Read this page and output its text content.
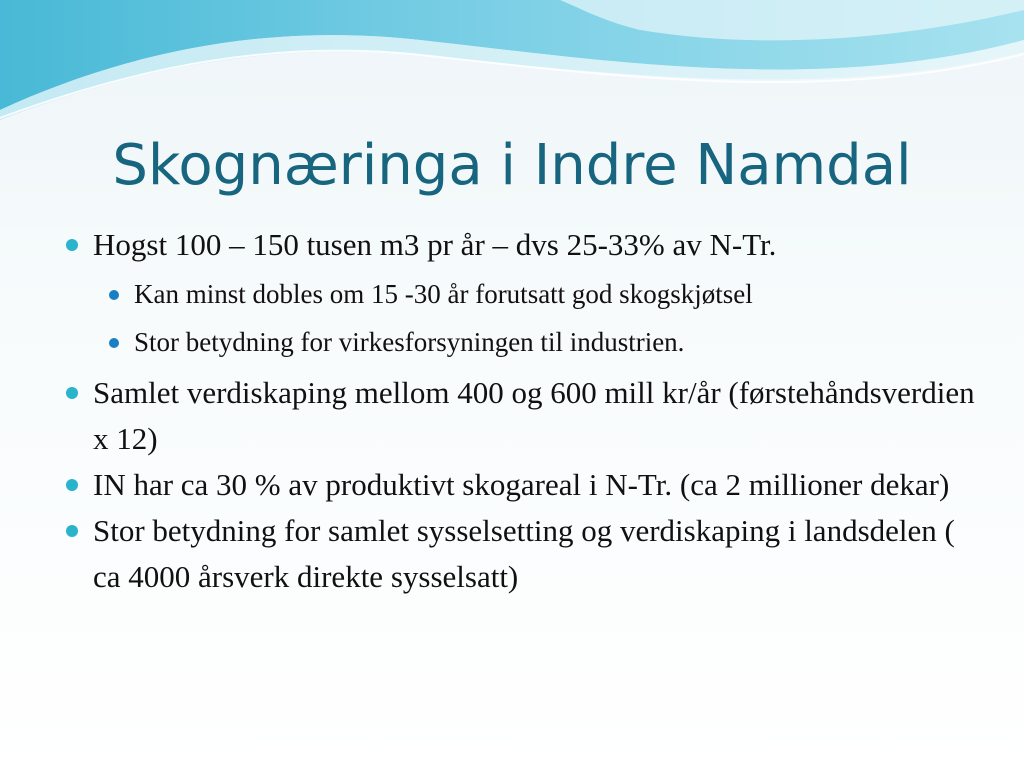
Skognæringa i Indre Namdal
Hogst 100 – 150 tusen m3 pr år – dvs 25-33% av N-Tr.
Kan minst dobles om 15 -30 år forutsatt god skogskjøtsel
Stor betydning for virkesforsyningen til industrien.
Samlet verdiskaping mellom 400 og 600 mill kr/år (førstehåndsverdien x 12)
IN har ca 30 % av produktivt skogareal i N-Tr. (ca 2 millioner dekar)
Stor betydning for samlet sysselsetting og verdiskaping i landsdelen ( ca 4000 årsverk direkte sysselsatt)
